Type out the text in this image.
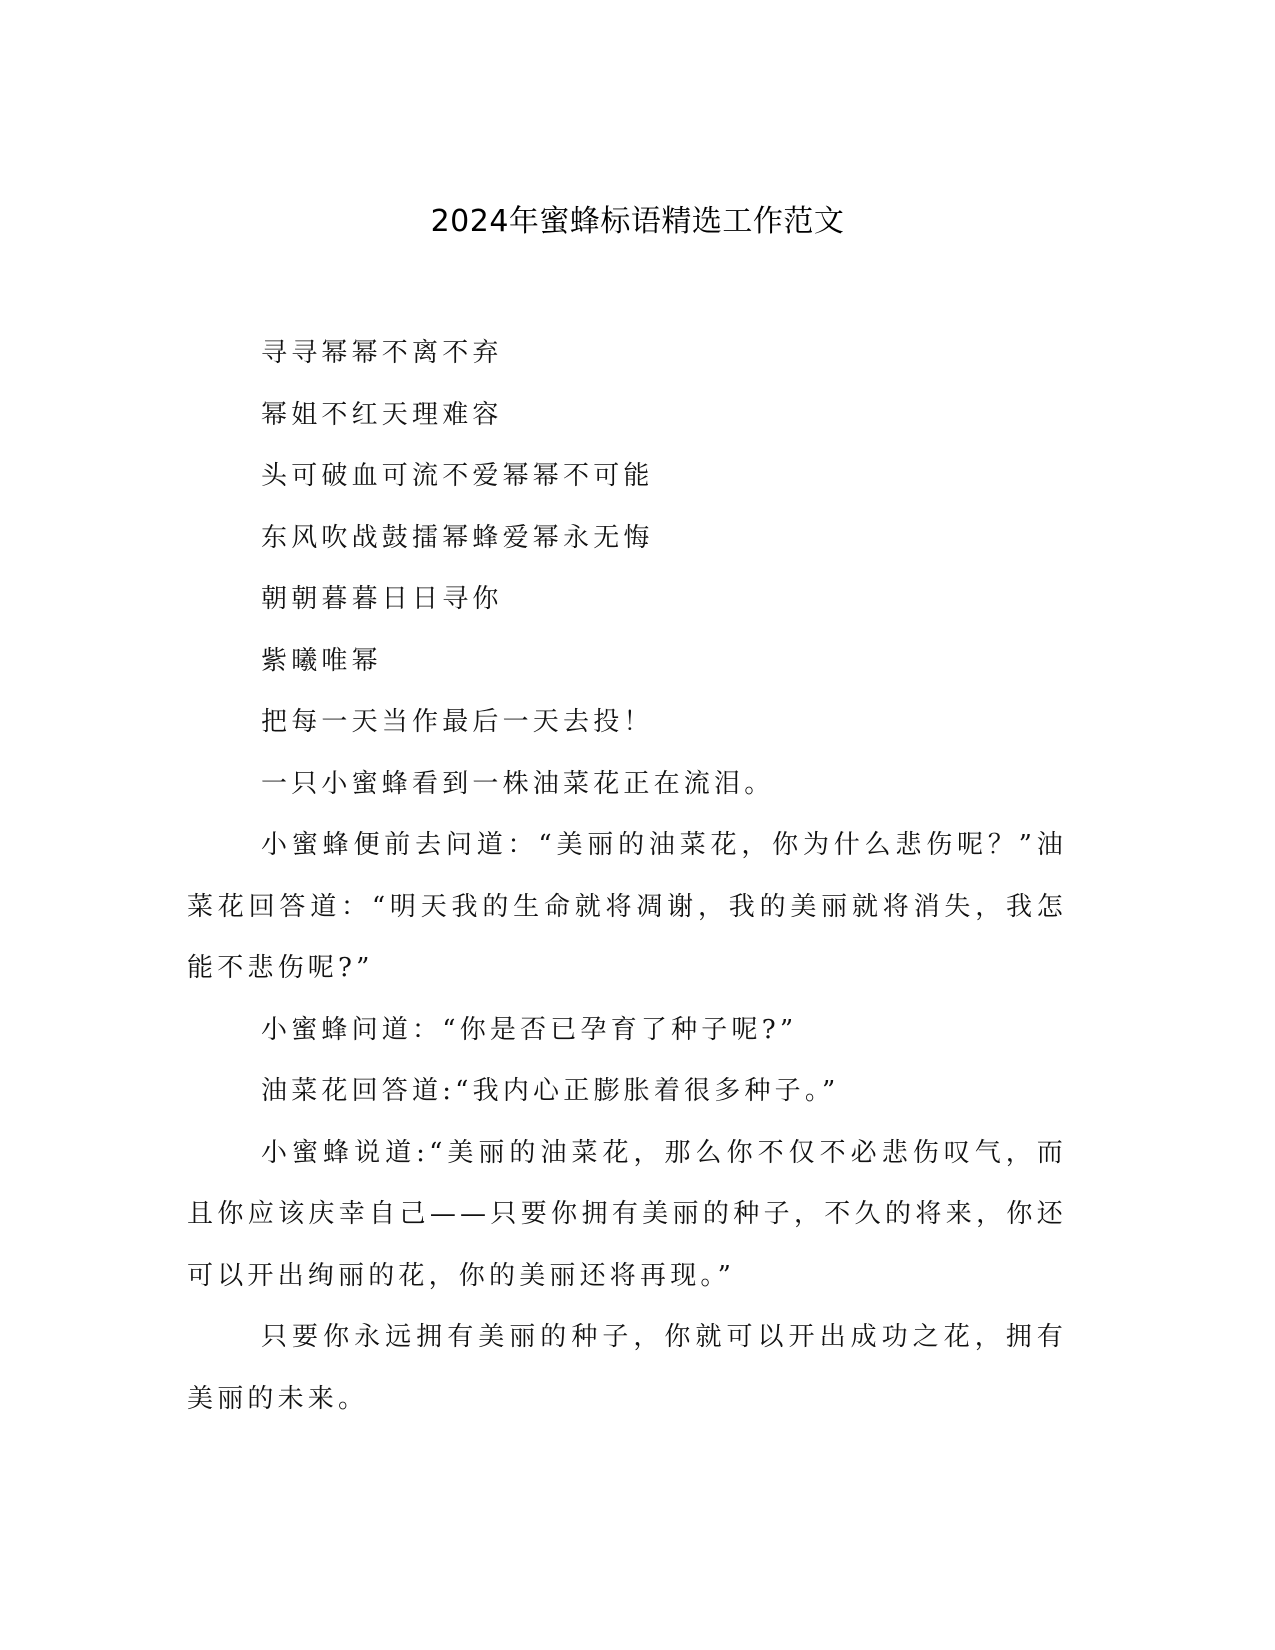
2024年蜜蜂标语精选工作范文

寻寻幂幂不离不弃

幂姐不红天理难容

头可破血可流不爱幂幂不可能

东风吹战鼓擂幂蜂爱幂永无悔

朝朝暮暮日日寻你

紫曦唯幂

把每一天当作最后一天去投！

一只小蜜蜂看到一株油菜花正在流泪。

小蜜蜂便前去问道：“美丽的油菜花，你为什么悲伤呢？”油菜花回答道：“明天我的生命就将凋谢，我的美丽就将消失，我怎能不悲伤呢?”

小蜜蜂问道：“你是否已孕育了种子呢?”

油菜花回答道:“我内心正膨胀着很多种子。”

小蜜蜂说道:“美丽的油菜花，那么你不仅不必悲伤叹气，而且你应该庆幸自己——只要你拥有美丽的种子，不久的将来，你还可以开出绚丽的花，你的美丽还将再现。”

只要你永远拥有美丽的种子，你就可以开出成功之花，拥有美丽的未来。
